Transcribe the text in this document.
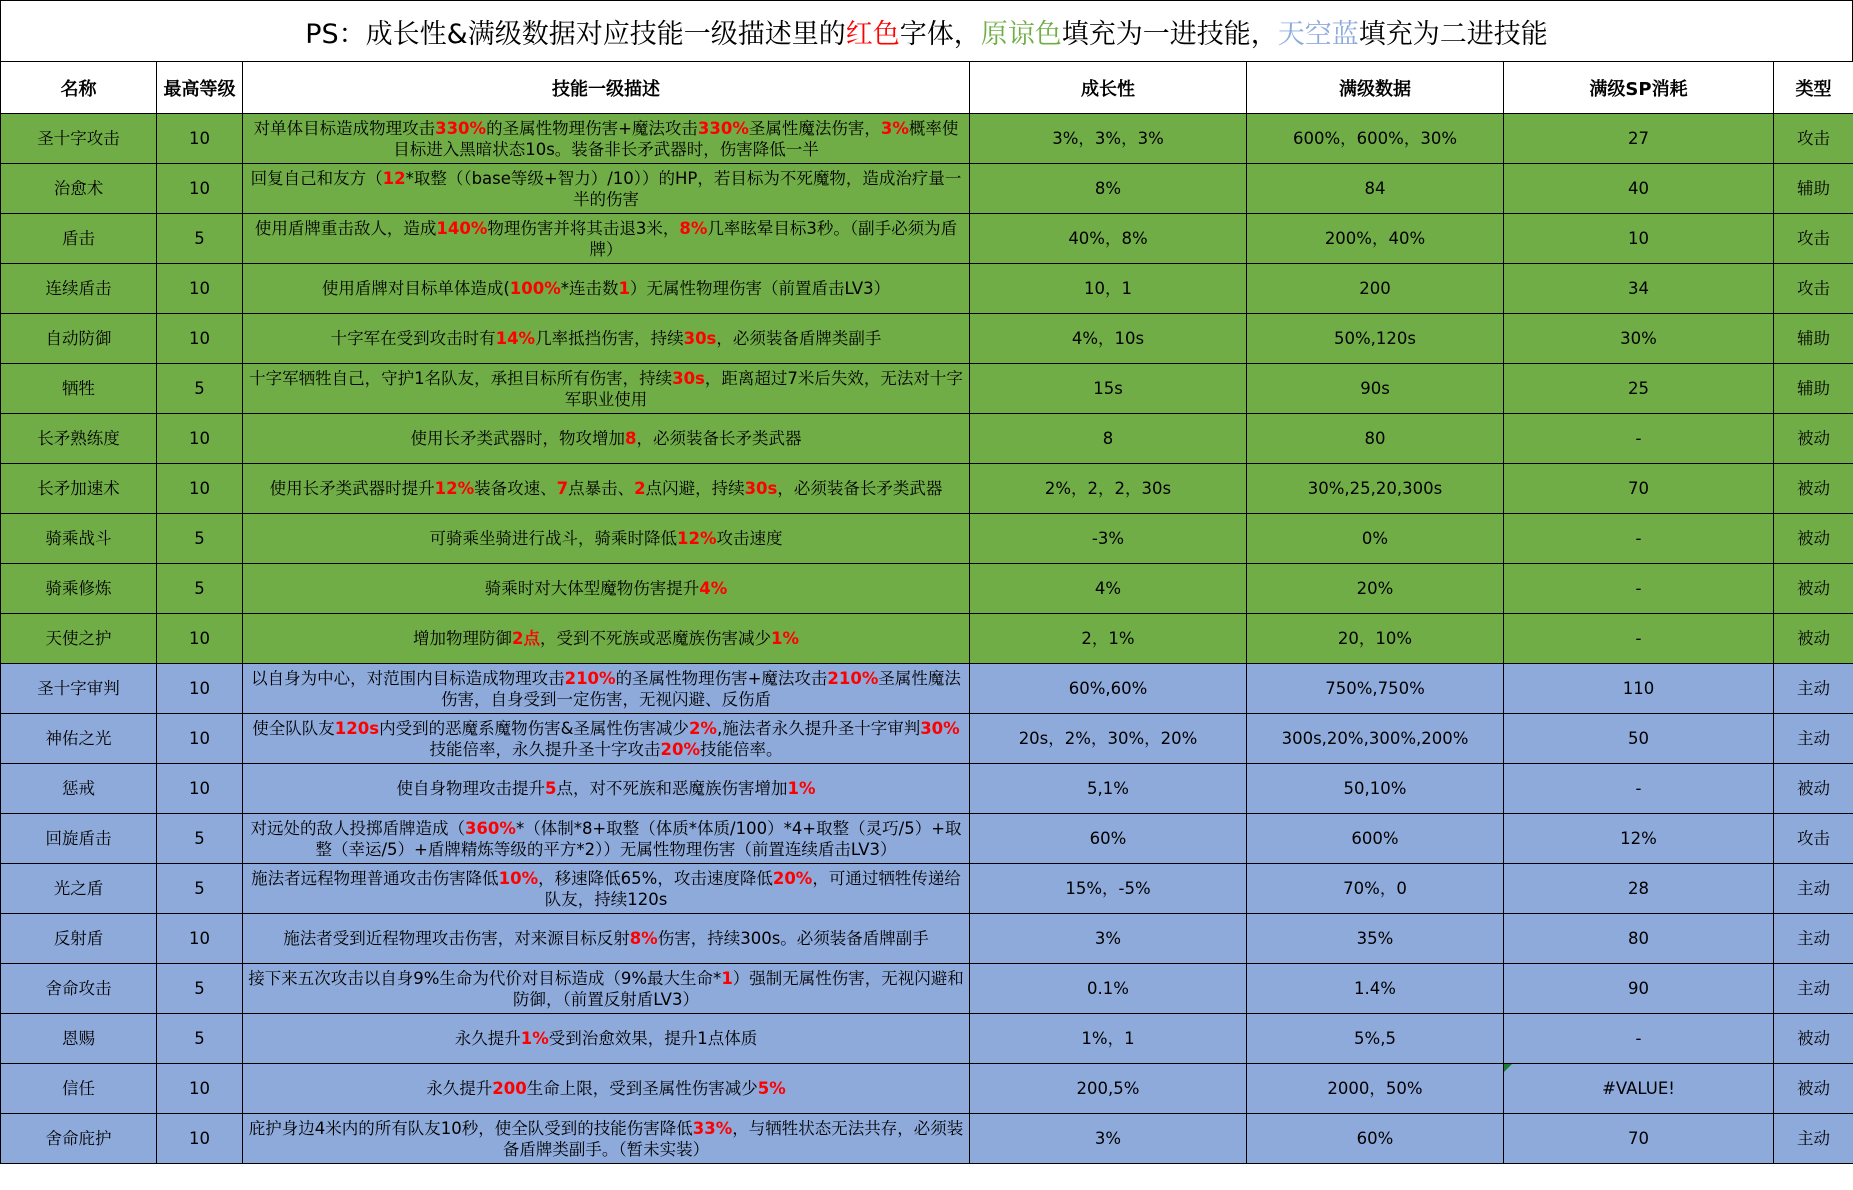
PS：成长性&满级数据对应技能一级描述里的 红色 字体， 原谅色 填充为一进技能， 天空蓝 填充为二进技能
名称	最高等级	技能一级描述	成长性	满级数据	满级SP消耗	类型
圣十字攻击	10	对单体目标造成物理攻击330%的圣属性物理伤害+魔法攻击330%圣属性魔法伤害，3%概率使目标进入黑暗状态10s。装备非长矛武器时，伤害降低一半	3%，3%，3%	600%，600%，30%	27	攻击
治愈术	10	回复自己和友方（12*取整（（base等级+智力）/10））的HP，若目标为不死魔物，造成治疗量一半的伤害	8%	84	40	辅助
盾击	5	使用盾牌重击敌人，造成140%物理伤害并将其击退3米，8%几率眩晕目标3秒。（副手必须为盾牌）	40%，8%	200%，40%	10	攻击
连续盾击	10	使用盾牌对目标单体造成(100%*连击数1）无属性物理伤害（前置盾击LV3）	10，1	200	34	攻击
自动防御	10	十字军在受到攻击时有14%几率抵挡伤害，持续30s，必须装备盾牌类副手	4%，10s	50%,120s	30%	辅助
牺牲	5	十字军牺牲自己，守护1名队友，承担目标所有伤害，持续30s，距离超过7米后失效，无法对十字军职业使用	15s	90s	25	辅助
长矛熟练度	10	使用长矛类武器时，物攻增加8，必须装备长矛类武器	8	80	-	被动
长矛加速术	10	使用长矛类武器时提升12%装备攻速、7点暴击、2点闪避，持续30s，必须装备长矛类武器	2%，2，2，30s	30%,25,20,300s	70	被动
骑乘战斗	5	可骑乘坐骑进行战斗，骑乘时降低12%攻击速度	-3%	0%	-	被动
骑乘修炼	5	骑乘时对大体型魔物伤害提升4%	4%	20%	-	被动
天使之护	10	增加物理防御2点，受到不死族或恶魔族伤害减少1%	2，1%	20，10%	-	被动
圣十字审判	10	以自身为中心，对范围内目标造成物理攻击210%的圣属性物理伤害+魔法攻击210%圣属性魔法伤害，自身受到一定伤害，无视闪避、反伤盾	60%,60%	750%,750%	110	主动
神佑之光	10	使全队队友120s内受到的恶魔系魔物伤害&圣属性伤害减少2%,施法者永久提升圣十字审判30%技能倍率，永久提升圣十字攻击20%技能倍率。	20s，2%，30%，20%	300s,20%,300%,200%	50	主动
惩戒	10	使自身物理攻击提升5点，对不死族和恶魔族伤害增加1%	5,1%	50,10%	-	被动
回旋盾击	5	对远处的敌人投掷盾牌造成（360%*（体制*8+取整（体质*体质/100）*4+取整（灵巧/5）+取整（幸运/5）+盾牌精炼等级的平方*2））无属性物理伤害（前置连续盾击LV3）	60%	600%	12%	攻击
光之盾	5	施法者远程物理普通攻击伤害降低10%，移速降低65%，攻击速度降低20%，可通过牺牲传递给队友，持续120s	15%，-5%	70%，0	28	主动
反射盾	10	施法者受到近程物理攻击伤害，对来源目标反射8%伤害，持续300s。必须装备盾牌副手	3%	35%	80	主动
舍命攻击	5	接下来五次攻击以自身9%生命为代价对目标造成（9%最大生命*1）强制无属性伤害，无视闪避和防御，（前置反射盾LV3）	0.1%	1.4%	90	主动
恩赐	5	永久提升1%受到治愈效果，提升1点体质	1%，1	5%,5	-	被动
信任	10	永久提升200生命上限，受到圣属性伤害减少5%	200,5%	2000，50%	#VALUE!	被动
舍命庇护	10	庇护身边4米内的所有队友10秒，使全队受到的技能伤害降低33%，与牺牲状态无法共存，必须装备盾牌类副手。（暂未实装）	3%	60%	70	主动
